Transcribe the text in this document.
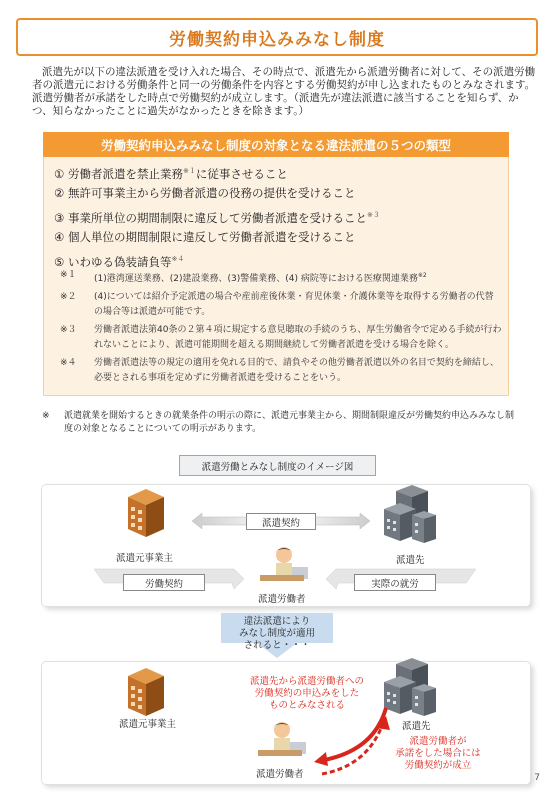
労働契約申込みみなし制度
派遣先が以下の違法派遣を受け入れた場合、その時点で、派遣先から派遣労働者に対して、その派遣労働者の派遣元における労働条件と同一の労働条件を内容とする労働契約が申し込まれたものとみなされます。派遣労働者が承諾をした時点で労働契約が成立します。（派遣先が違法派遣に該当することを知らず、かつ、知らなかったことに過失がなかったときを除きます。）
労働契約申込みみなし制度の対象となる違法派遣の５つの類型
① 労働者派遣を禁止業務$^{※1}$に従事させること
② 無許可事業主から労働者派遣の役務の提供を受けること
③ 事業所単位の期間制限に違反して労働者派遣を受けること$^{※3}$
④ 個人単位の期間制限に違反して労働者派遣を受けること
⑤ いわゆる偽装請負等$^{※4}$
※１	(1)港湾運送業務、(2)建設業務、(3)警備業務、(4) 病院等における医療関連業務$^{※2}$
※２	(4)については紹介予定派遣の場合や産前産後休業・育児休業・介護休業等を取得する労働者の代替の場合等は派遣が可能です。
※３	労働者派遣法第40条の２第４項に規定する意見聴取の手続のうち、厚生労働省令で定める手続が行われないことにより、派遣可能期間を超える期間継続して労働者派遣を受ける場合を除く。
※４	労働者派遣法等の規定の適用を免れる目的で、請負やその他労働者派遣以外の名目で契約を締結し、必要とされる事項を定めずに労働者派遣を受けることをいう。
※	派遣就業を開始するときの就業条件の明示の際に、派遣元事業主から、期間制限違反が労働契約申込みみなし制度の対象となることについての明示があります。
派遣労働とみなし制度のイメージ図
派遣元事業主	派遣先
派遣契約
派遣労働者
労働契約	実際の就労
違法派遣により
みなし制度が適用
されると・・・
派遣元事業主	派遣先
派遣先から派遣労働者への
労働契約の申込みをした
ものとみなされる
派遣労働者
派遣労働者が
承諾をした場合には
労働契約が成立
7
